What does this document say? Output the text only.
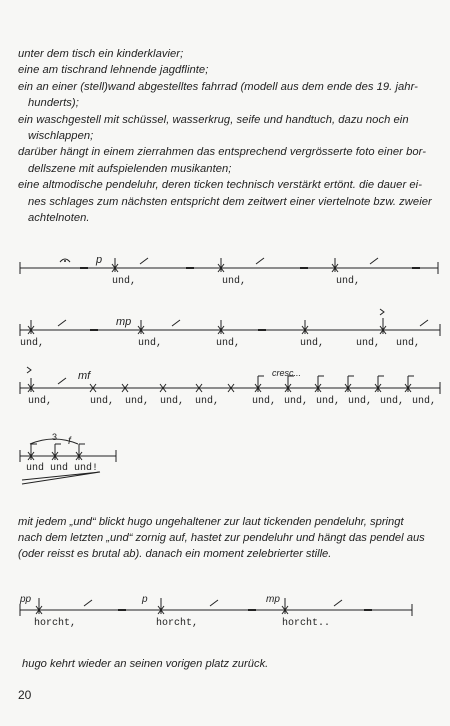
unter dem tisch ein kinderklavier;
eine am tischrand lehnende jagdflinte;
ein an einer (stell)wand abgestelltes fahrrad (modell aus dem ende des 19. jahr-
hunderts);
ein waschgestell mit schüssel, wasserkrug, seife und handtuch, dazu noch ein
wischlappen;
darüber hängt in einem zierrahmen das entsprechend vergrösserte foto einer bor-
dellszene mit aufspielenden musikanten;
eine altmodische pendeluhr, deren ticken technisch verstärkt ertönt. die dauer ei-
nes schlages zum nächsten entspricht dem zeitwert einer viertelnote bzw. zweier
achtelnoten.
p
und,	und,	und,
mp
und,	und,	und,	und,	und, und,
mf	cresc...
und,	und, und, und, und,	und, und, und, und, und, und,
3 f
und und und!
mit jedem „und“ blickt hugo ungehaltener zur laut tickenden pendeluhr, springt
nach dem letzten „und“ zornig auf, hastet zur pendeluhr und hängt das pendel aus
(oder reisst es brutal ab). danach ein moment zelebrierter stille.
pp	p	mp
horcht,	horcht,	horcht..
hugo kehrt wieder an seinen vorigen platz zurück.
20
